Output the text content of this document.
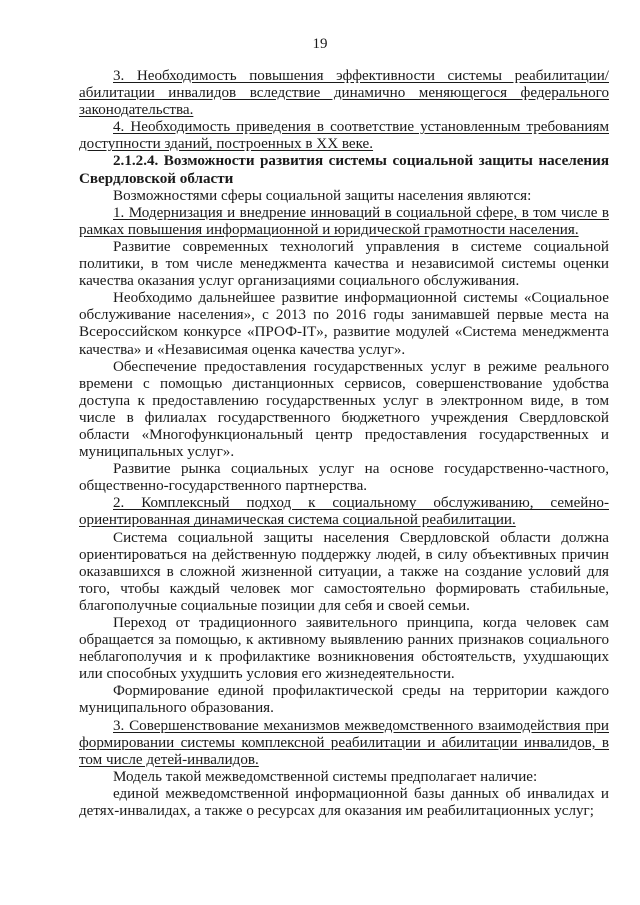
19

3. Необходимость повышения эффективности системы реабилитации/абилитации инвалидов вследствие динамично меняющегося федерального законодательства.

4. Необходимость приведения в соответствие установленным требованиям доступности зданий, построенных в XX веке.

2.1.2.4. Возможности развития системы социальной защиты населения Свердловской области

Возможностями сферы социальной защиты населения являются:

1. Модернизация и внедрение инноваций в социальной сфере, в том числе в рамках повышения информационной и юридической грамотности населения.

Развитие современных технологий управления в системе социальной политики, в том числе менеджмента качества и независимой системы оценки качества оказания услуг организациями социального обслуживания.

Необходимо дальнейшее развитие информационной системы «Социальное обслуживание населения», с 2013 по 2016 годы занимавшей первые места на Всероссийском конкурсе «ПРОФ-IT», развитие модулей «Система менеджмента качества» и «Независимая оценка качества услуг».

Обеспечение предоставления государственных услуг в режиме реального времени с помощью дистанционных сервисов, совершенствование удобства доступа к предоставлению государственных услуг в электронном виде, в том числе в филиалах государственного бюджетного учреждения Свердловской области «Многофункциональный центр предоставления государственных и муниципальных услуг».

Развитие рынка социальных услуг на основе государственно-частного, общественно-государственного партнерства.

2. Комплексный подход к социальному обслуживанию, семейно-ориентированная динамическая система социальной реабилитации.

Система социальной защиты населения Свердловской области должна ориентироваться на действенную поддержку людей, в силу объективных причин оказавшихся в сложной жизненной ситуации, а также на создание условий для того, чтобы каждый человек мог самостоятельно формировать стабильные, благополучные социальные позиции для себя и своей семьи.

Переход от традиционного заявительного принципа, когда человек сам обращается за помощью, к активному выявлению ранних признаков социального неблагополучия и к профилактике возникновения обстоятельств, ухудшающих или способных ухудшить условия его жизнедеятельности.

Формирование единой профилактической среды на территории каждого муниципального образования.

3. Совершенствование механизмов межведомственного взаимодействия при формировании системы комплексной реабилитации и абилитации инвалидов, в том числе детей-инвалидов.

Модель такой межведомственной системы предполагает наличие:

единой межведомственной информационной базы данных об инвалидах и детях-инвалидах, а также о ресурсах для оказания им реабилитационных услуг;
